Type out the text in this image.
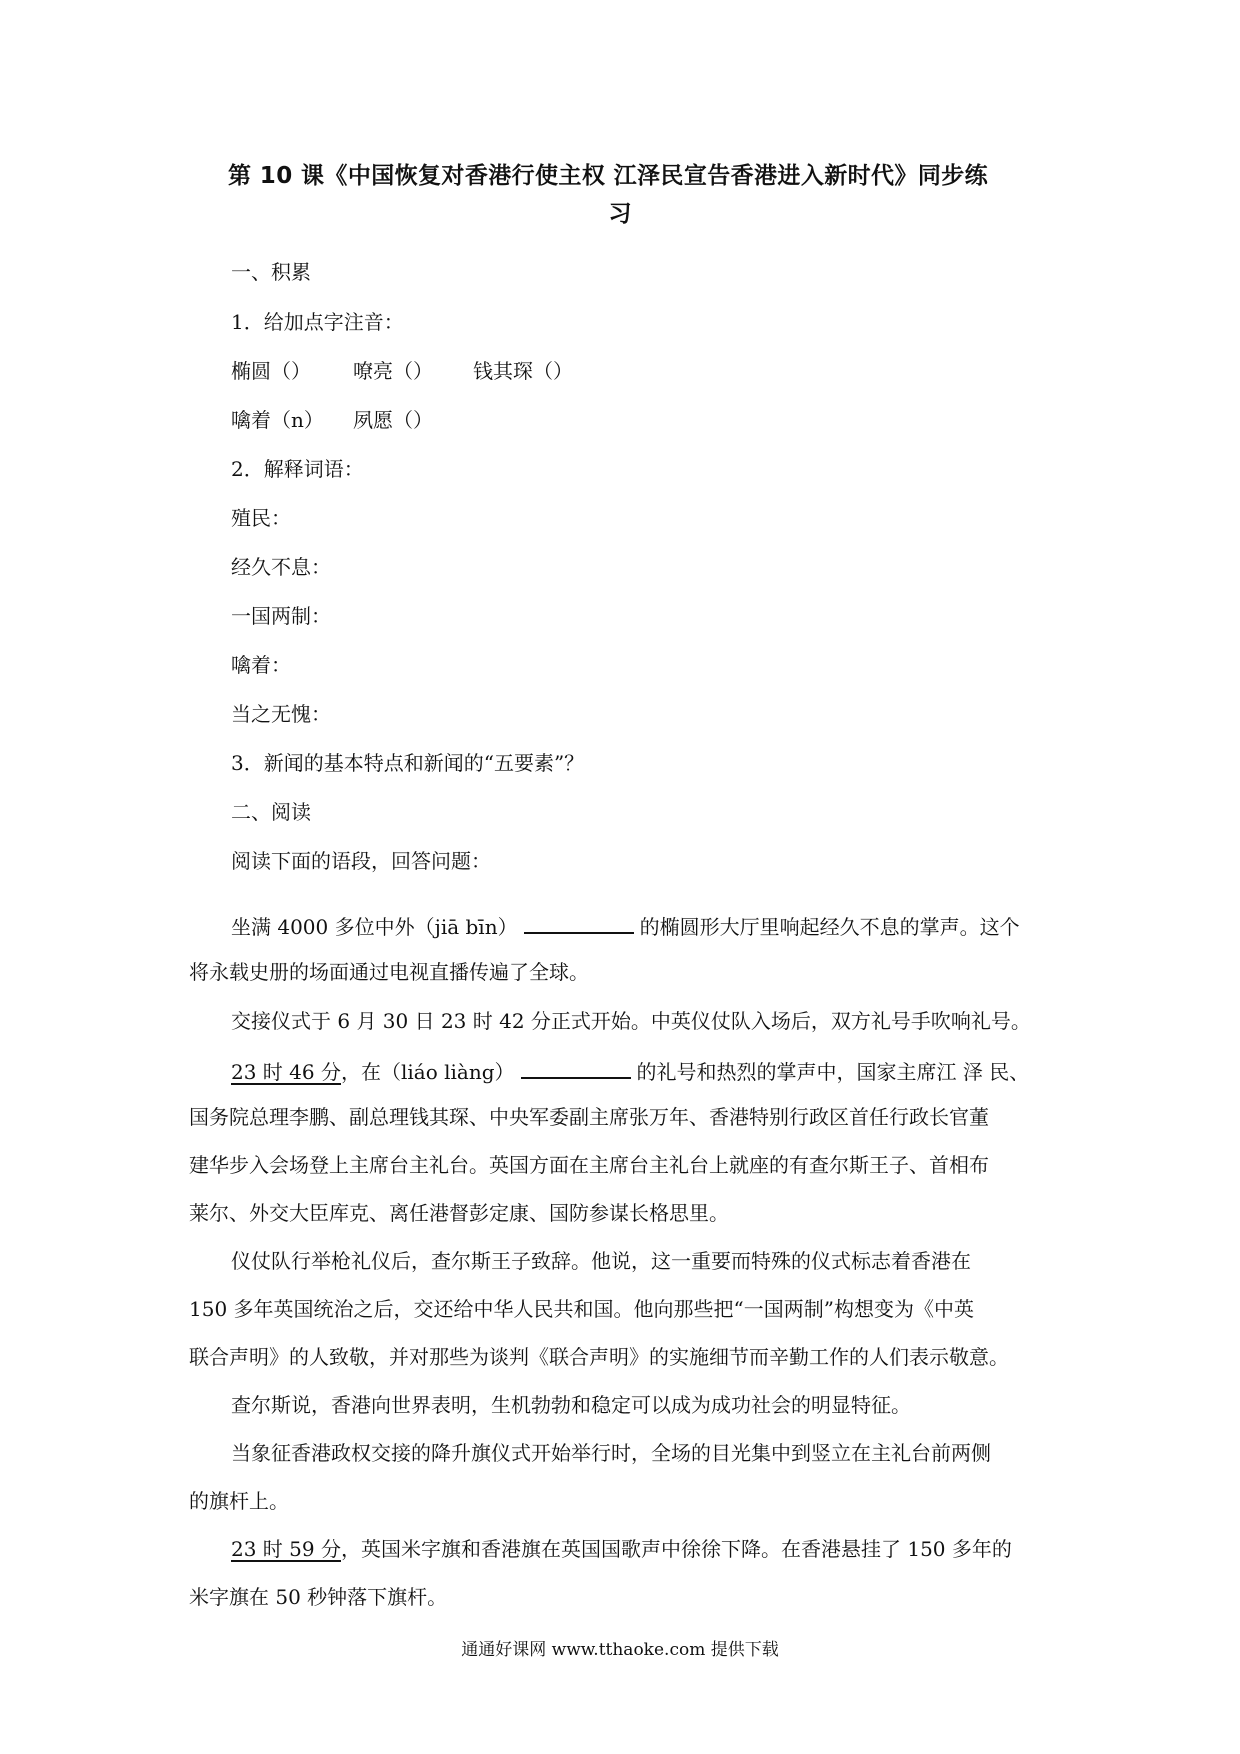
第 10 课《中国恢复对香港行使主权 江泽民宣告香港进入新时代》同步练
习
一、积累
1．给加点字注音：
椭圆（） 嘹亮（） 钱其琛（）
噙着（n） 夙愿（）
2．解释词语：
殖民：
经久不息：
一国两制：
噙着：
当之无愧：
3．新闻的基本特点和新闻的“五要素”？
二、阅读
阅读下面的语段，回答问题：
坐满 4000 多位中外（jiā bīn）	的椭圆形大厅里响起经久不息的掌声。这个
将永载史册的场面通过电视直播传遍了全球。
交接仪式于 6 月 30 日 23 时 42 分正式开始。中英仪仗队入场后，双方礼号手吹响礼号。
23 时 46 分，在（liáo liàng）	的礼号和热烈的掌声中，国家主席江 泽 民、
国务院总理李鹏、副总理钱其琛、中央军委副主席张万年、香港特别行政区首任行政长官董
建华步入会场登上主席台主礼台。英国方面在主席台主礼台上就座的有查尔斯王子、首相布
莱尔、外交大臣库克、离任港督彭定康、国防参谋长格思里。
仪仗队行举枪礼仪后，查尔斯王子致辞。他说，这一重要而特殊的仪式标志着香港在
150 多年英国统治之后，交还给中华人民共和国。他向那些把“一国两制”构想变为《中英
联合声明》的人致敬，并对那些为谈判《联合声明》的实施细节而辛勤工作的人们表示敬意。
查尔斯说，香港向世界表明，生机勃勃和稳定可以成为成功社会的明显特征。
当象征香港政权交接的降升旗仪式开始举行时，全场的目光集中到竖立在主礼台前两侧
的旗杆上。
23 时 59 分，英国米字旗和香港旗在英国国歌声中徐徐下降。在香港悬挂了 150 多年的
米字旗在 50 秒钟落下旗杆。
通通好课网 www.tthaoke.com 提供下载
